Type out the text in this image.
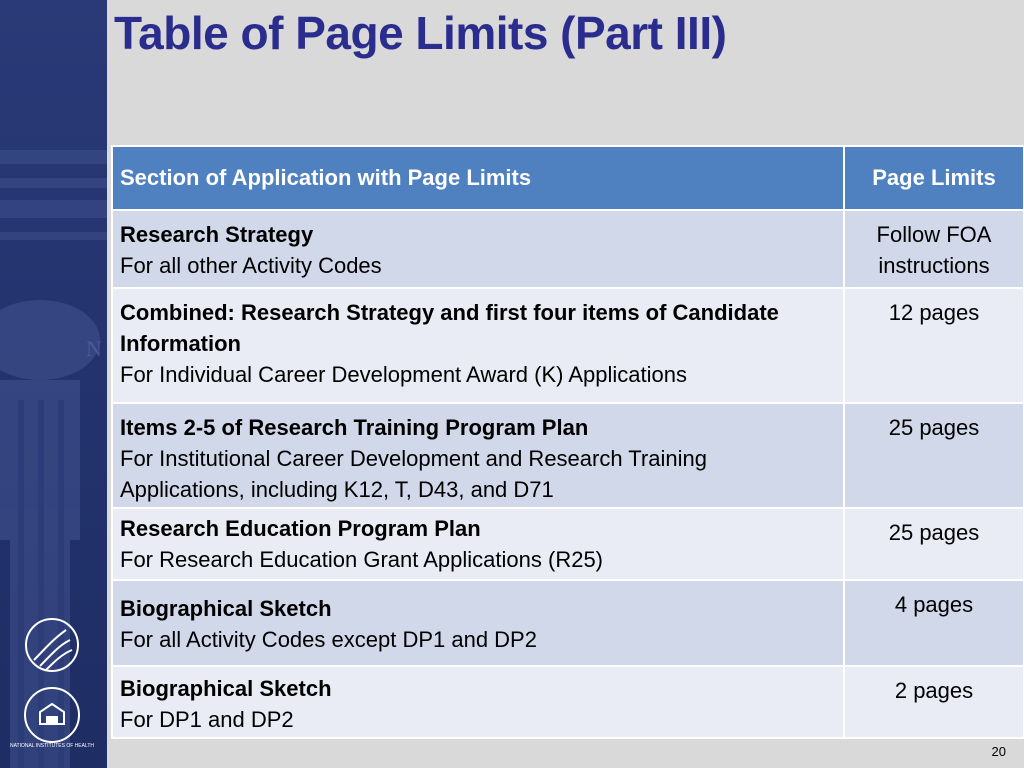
N
NATIONAL INSTITUTES OF HEALTH
Table of Page Limits (Part III)
Section of Application with Page Limits	Page Limits

Research Strategy
For all other Activity Codes	Follow FOA instructions

Combined: Research Strategy and first four items of Candidate Information
For Individual Career Development Award (K) Applications	12 pages

Items 2-5 of Research Training Program Plan
For Institutional Career Development and Research Training Applications, including K12, T, D43, and D71	25 pages

Research Education Program Plan
For Research Education Grant Applications (R25)	25 pages

Biographical Sketch
For all Activity Codes except DP1 and DP2	4 pages

Biographical Sketch
For DP1 and DP2	2 pages
20
